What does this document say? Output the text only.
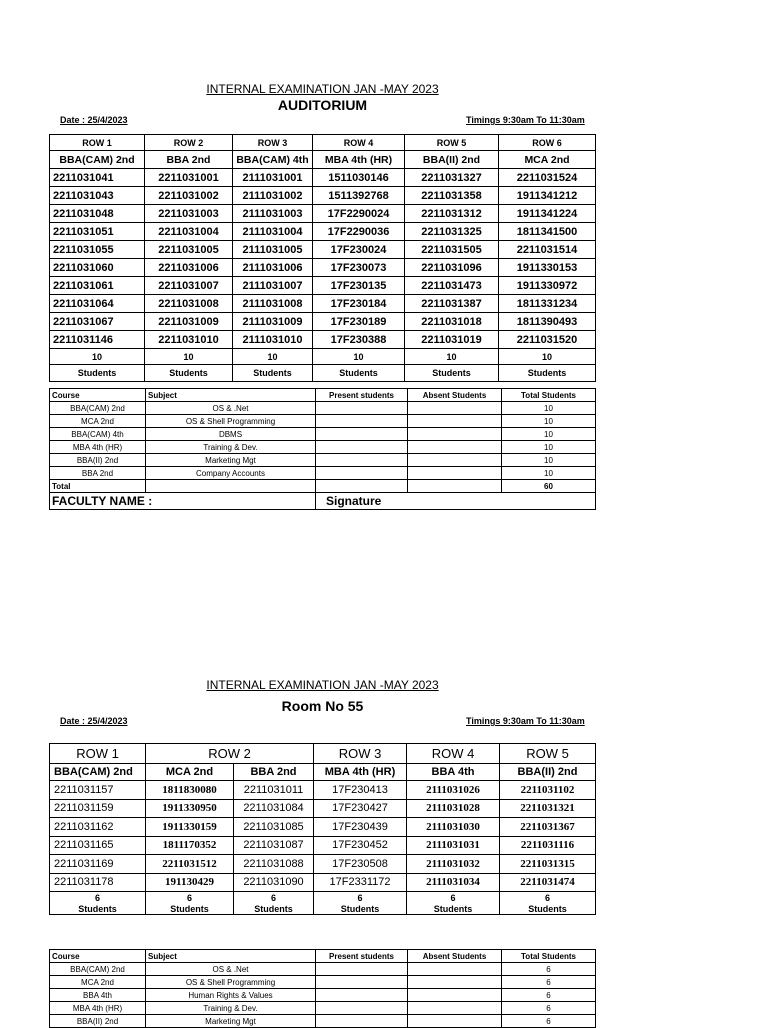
INTERNAL EXAMINATION JAN -MAY 2023
AUDITORIUM
Date : 25/4/2023	Timings 9:30am To 11:30am
ROW 1	ROW 2	ROW 3	ROW 4	ROW 5	ROW 6
BBA(CAM) 2nd	BBA 2nd	BBA(CAM) 4th	MBA 4th (HR)	BBA(II) 2nd	MCA 2nd
2211031041	2211031001	2111031001	1511030146	2211031327	2211031524
2211031043	2211031002	2111031002	1511392768	2211031358	1911341212
2211031048	2211031003	2111031003	17F2290024	2211031312	1911341224
2211031051	2211031004	2111031004	17F2290036	2211031325	1811341500
2211031055	2211031005	2111031005	17F230024	2211031505	2211031514
2211031060	2211031006	2111031006	17F230073	2211031096	1911330153
2211031061	2211031007	2111031007	17F230135	2211031473	1911330972
2211031064	2211031008	2111031008	17F230184	2211031387	1811331234
2211031067	2211031009	2111031009	17F230189	2211031018	1811390493
2211031146	2211031010	2111031010	17F230388	2211031019	2211031520
10	10	10	10	10	10
Students	Students	Students	Students	Students	Students
Course	Subject	Present students	Absent Students	Total Students
BBA(CAM) 2nd	OS & .Net			10
MCA 2nd	OS & Shell Programming			10
BBA(CAM) 4th	DBMS			10
MBA 4th (HR)	Training & Dev.			10
BBA(II) 2nd	Marketing Mgt			10
BBA 2nd	Company Accounts			10
Total				60
FACULTY NAME :		Signature		
INTERNAL EXAMINATION JAN -MAY 2023
Room No 55
Date : 25/4/2023	Timings 9:30am To 11:30am
ROW 1	ROW 2		ROW 3	ROW 4	ROW 5
BBA(CAM) 2nd	MCA 2nd	BBA 2nd	MBA 4th (HR)	BBA 4th	BBA(II) 2nd
2211031157	1811830080	2211031011	17F230413	2111031026	2211031102
2211031159	1911330950	2211031084	17F230427	2111031028	2211031321
2211031162	1911330159	2211031085	17F230439	2111031030	2211031367
2211031165	1811170352	2211031087	17F230452	2111031031	2211031116
2211031169	2211031512	2211031088	17F230508	2111031032	2211031315
2211031178	191130429	2211031090	17F2331172	2111031034	2211031474
6	6	6	6	6	6
Students	Students	Students	Students	Students	Students
Course	Subject	Present students	Absent Students	Total Students
BBA(CAM) 2nd	OS & .Net			6
MCA 2nd	OS & Shell Programming			6
BBA 4th	Human Rights & Values			6
MBA 4th (HR)	Training & Dev.			6
BBA(II) 2nd	Marketing Mgt			6
